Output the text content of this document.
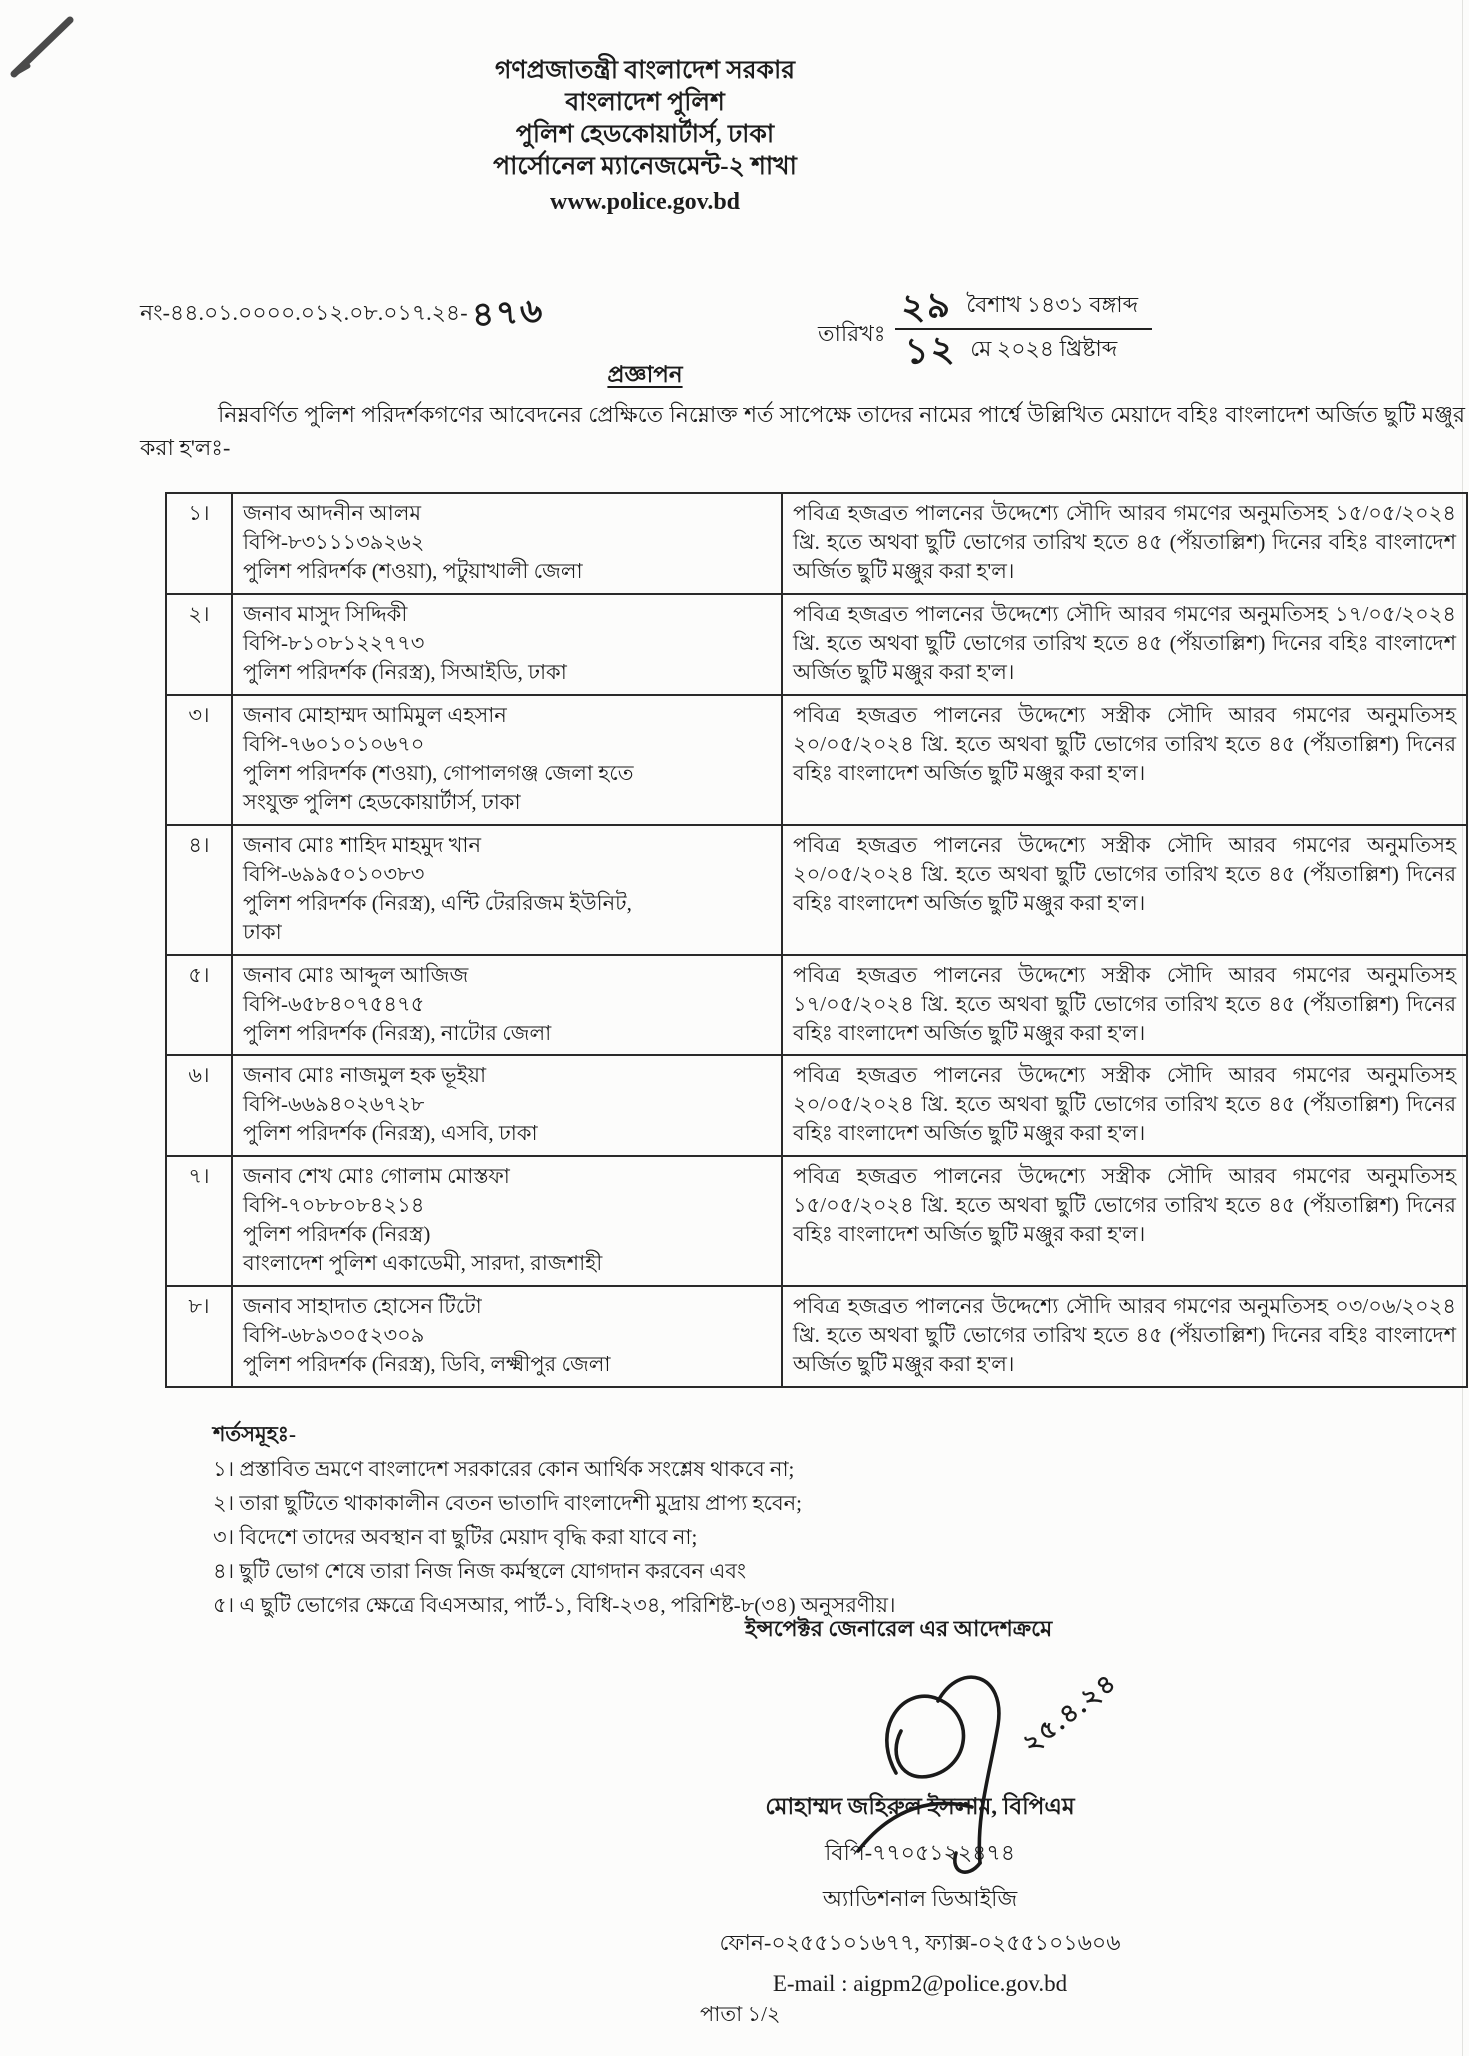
গণপ্রজাতন্ত্রী বাংলাদেশ সরকার
বাংলাদেশ পুলিশ
পুলিশ হেডকোয়ার্টার্স, ঢাকা
পার্সোনেল ম্যানেজমেন্ট-২ শাখা
www.police.gov.bd
নং-৪৪.০১.০০০০.০১২.০৮.০১৭.২৪-৪৭৬	তারিখঃ $\frac{\text{২৯ বৈশাখ ১৪৩১ বঙ্গাব্দ}}{\text{১২ মে ২০২৪ খ্রিষ্টাব্দ}}$
প্রজ্ঞাপন

নিম্নবর্ণিত পুলিশ পরিদর্শকগণের আবেদনের প্রেক্ষিতে নিম্নোক্ত শর্ত সাপেক্ষে তাদের নামের পার্শ্বে উল্লিখিত মেয়াদে বহিঃ বাংলাদেশ অর্জিত ছুটি মঞ্জুর করা হ'লঃ-

১।	জনাব আদনীন আলম
বিপি-৮৩১১১৩৯২৬২
পুলিশ পরিদর্শক (শওয়া), পটুয়াখালী জেলা	পবিত্র হজব্রত পালনের উদ্দেশ্যে সৌদি আরব গমণের অনুমতিসহ ১৫/০৫/২০২৪ খ্রি. হতে অথবা ছুটি ভোগের তারিখ হতে ৪৫ (পঁয়তাল্লিশ) দিনের বহিঃ বাংলাদেশ অর্জিত ছুটি মঞ্জুর করা হ'ল।
২।	জনাব মাসুদ সিদ্দিকী
বিপি-৮১০৮১২২৭৭৩
পুলিশ পরিদর্শক (নিরস্ত্র), সিআইডি, ঢাকা	পবিত্র হজব্রত পালনের উদ্দেশ্যে সৌদি আরব গমণের অনুমতিসহ ১৭/০৫/২০২৪ খ্রি. হতে অথবা ছুটি ভোগের তারিখ হতে ৪৫ (পঁয়তাল্লিশ) দিনের বহিঃ বাংলাদেশ অর্জিত ছুটি মঞ্জুর করা হ'ল।
৩।	জনাব মোহাম্মদ আমিমুল এহসান
বিপি-৭৬০১০১০৬৭০
পুলিশ পরিদর্শক (শওয়া), গোপালগঞ্জ জেলা হতে
সংযুক্ত পুলিশ হেডকোয়ার্টার্স, ঢাকা	পবিত্র হজব্রত পালনের উদ্দেশ্যে সস্ত্রীক সৌদি আরব গমণের অনুমতিসহ ২০/০৫/২০২৪ খ্রি. হতে অথবা ছুটি ভোগের তারিখ হতে ৪৫ (পঁয়তাল্লিশ) দিনের বহিঃ বাংলাদেশ অর্জিত ছুটি মঞ্জুর করা হ'ল।
৪।	জনাব মোঃ শাহিদ মাহমুদ খান
বিপি-৬৯৯৫০১০৩৮৩
পুলিশ পরিদর্শক (নিরস্ত্র), এন্টি টেররিজম ইউনিট,
ঢাকা	পবিত্র হজব্রত পালনের উদ্দেশ্যে সস্ত্রীক সৌদি আরব গমণের অনুমতিসহ ২০/০৫/২০২৪ খ্রি. হতে অথবা ছুটি ভোগের তারিখ হতে ৪৫ (পঁয়তাল্লিশ) দিনের বহিঃ বাংলাদেশ অর্জিত ছুটি মঞ্জুর করা হ'ল।
৫।	জনাব মোঃ আব্দুল আজিজ
বিপি-৬৫৮৪০৭৫৪৭৫
পুলিশ পরিদর্শক (নিরস্ত্র), নাটোর জেলা	পবিত্র হজব্রত পালনের উদ্দেশ্যে সস্ত্রীক সৌদি আরব গমণের অনুমতিসহ ১৭/০৫/২০২৪ খ্রি. হতে অথবা ছুটি ভোগের তারিখ হতে ৪৫ (পঁয়তাল্লিশ) দিনের বহিঃ বাংলাদেশ অর্জিত ছুটি মঞ্জুর করা হ'ল।
৬।	জনাব মোঃ নাজমুল হক ভূইয়া
বিপি-৬৬৯৪০২৬৭২৮
পুলিশ পরিদর্শক (নিরস্ত্র), এসবি, ঢাকা	পবিত্র হজব্রত পালনের উদ্দেশ্যে সস্ত্রীক সৌদি আরব গমণের অনুমতিসহ ২০/০৫/২০২৪ খ্রি. হতে অথবা ছুটি ভোগের তারিখ হতে ৪৫ (পঁয়তাল্লিশ) দিনের বহিঃ বাংলাদেশ অর্জিত ছুটি মঞ্জুর করা হ'ল।
৭।	জনাব শেখ মোঃ গোলাম মোস্তফা
বিপি-৭০৮৮০৮৪২১৪
পুলিশ পরিদর্শক (নিরস্ত্র)
বাংলাদেশ পুলিশ একাডেমী, সারদা, রাজশাহী	পবিত্র হজব্রত পালনের উদ্দেশ্যে সস্ত্রীক সৌদি আরব গমণের অনুমতিসহ ১৫/০৫/২০২৪ খ্রি. হতে অথবা ছুটি ভোগের তারিখ হতে ৪৫ (পঁয়তাল্লিশ) দিনের বহিঃ বাংলাদেশ অর্জিত ছুটি মঞ্জুর করা হ'ল।
৮।	জনাব সাহাদাত হোসেন টিটো
বিপি-৬৮৯৩০৫২৩০৯
পুলিশ পরিদর্শক (নিরস্ত্র), ডিবি, লক্ষ্মীপুর জেলা	পবিত্র হজব্রত পালনের উদ্দেশ্যে সৌদি আরব গমণের অনুমতিসহ ০৩/০৬/২০২৪ খ্রি. হতে অথবা ছুটি ভোগের তারিখ হতে ৪৫ (পঁয়তাল্লিশ) দিনের বহিঃ বাংলাদেশ অর্জিত ছুটি মঞ্জুর করা হ'ল।
শর্তসমূহঃ-
১। প্রস্তাবিত ভ্রমণে বাংলাদেশ সরকারের কোন আর্থিক সংশ্লেষ থাকবে না;
২। তারা ছুটিতে থাকাকালীন বেতন ভাতাদি বাংলাদেশী মুদ্রায় প্রাপ্য হবেন;
৩। বিদেশে তাদের অবস্থান বা ছুটির মেয়াদ বৃদ্ধি করা যাবে না;
৪। ছুটি ভোগ শেষে তারা নিজ নিজ কর্মস্থলে যোগদান করবেন এবং
৫। এ ছুটি ভোগের ক্ষেত্রে বিএসআর, পার্ট-১, বিধি-২৩৪, পরিশিষ্ট-৮(৩৪) অনুসরণীয়।
ইন্সপেক্টর জেনারেল এর আদেশক্রমে
২৫.৪.২৪
মোহাম্মদ জহিরুল ইসলাম, বিপিএম
বিপি-৭৭০৫১২২৪৭৪
অ্যাডিশনাল ডিআইজি
ফোন-০২৫৫১০১৬৭৭, ফ্যাক্স-০২৫৫১০১৬০৬
E-mail : aigpm2@police.gov.bd
পাতা ১/২
